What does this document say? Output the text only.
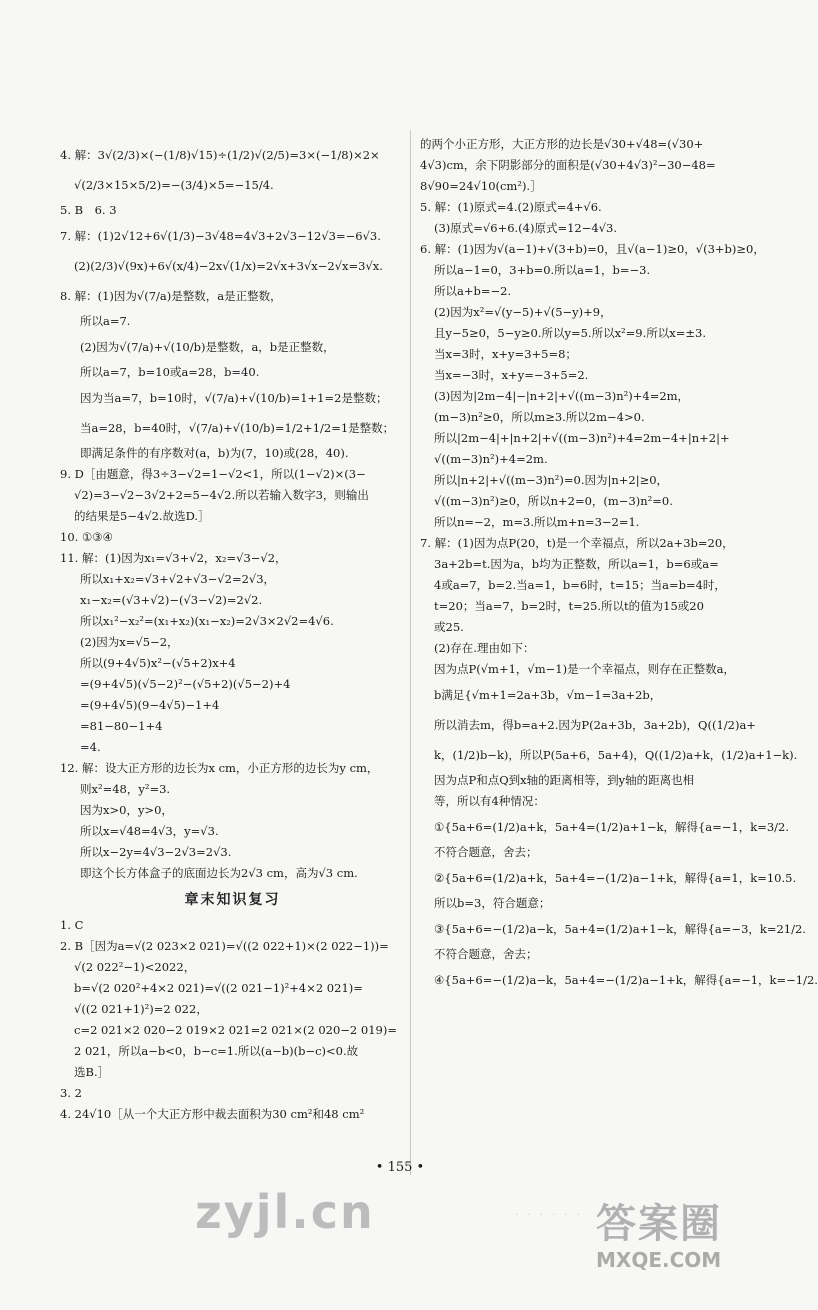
4. 解：3√(2/3)×(−(1/8)√15)÷(1/2)√(2/5)=3×(−1/8)×2×
√(2/3×15×5/2)=−(3/4)×5=−15/4.
5. B　6. 3
7. 解：(1)2√12+6√(1/3)−3√48=4√3+2√3−12√3=−6√3.
(2)(2/3)√(9x)+6√(x/4)−2x√(1/x)=2√x+3√x−2√x=3√x.
8. 解：(1)因为√(7/a)是整数，a是正整数，
所以a=7.
(2)因为√(7/a)+√(10/b)是整数，a，b是正整数，
所以a=7，b=10或a=28，b=40.
因为当a=7，b=10时，√(7/a)+√(10/b)=1+1=2是整数；
当a=28，b=40时，√(7/a)+√(10/b)=1/2+1/2=1是整数；
即满足条件的有序数对(a，b)为(7，10)或(28，40).
9. D［由题意，得3÷3−√2=1−√2<1，所以(1−√2)×(3−
√2)=3−√2−3√2+2=5−4√2.所以若输入数字3，则输出
的结果是5−4√2.故选D.］
10. ①③④
11. 解：(1)因为x₁=√3+√2，x₂=√3−√2，
所以x₁+x₂=√3+√2+√3−√2=2√3，
x₁−x₂=(√3+√2)−(√3−√2)=2√2.
所以x₁²−x₂²=(x₁+x₂)(x₁−x₂)=2√3×2√2=4√6.
(2)因为x=√5−2，
所以(9+4√5)x²−(√5+2)x+4
=(9+4√5)(√5−2)²−(√5+2)(√5−2)+4
=(9+4√5)(9−4√5)−1+4
=81−80−1+4
=4.
12. 解：设大正方形的边长为x cm，小正方形的边长为y cm，
则x²=48，y²=3.
因为x>0，y>0，
所以x=√48=4√3，y=√3.
所以x−2y=4√3−2√3=2√3.
即这个长方体盒子的底面边长为2√3 cm，高为√3 cm.
章末知识复习
1. C
2. B［因为a=√(2 023×2 021)=√((2 022+1)×(2 022−1))=
√(2 022²−1)<2022，
b=√(2 020²+4×2 021)=√((2 021−1)²+4×2 021)=
√((2 021+1)²)=2 022，
c=2 021×2 020−2 019×2 021=2 021×(2 020−2 019)=
2 021，所以a−b<0，b−c=1.所以(a−b)(b−c)<0.故
选B.］
3. 2
4. 24√10［从一个大正方形中裁去面积为30 cm²和48 cm²
的两个小正方形，大正方形的边长是√30+√48=(√30+
4√3)cm，余下阴影部分的面积是(√30+4√3)²−30−48=
8√90=24√10(cm²).］
5. 解：(1)原式=4.(2)原式=4+√6.
(3)原式=√6+6.(4)原式=12−4√3.
6. 解：(1)因为√(a−1)+√(3+b)=0，且√(a−1)≥0，√(3+b)≥0，
所以a−1=0，3+b=0.所以a=1，b=−3.
所以a+b=−2.
(2)因为x²=√(y−5)+√(5−y)+9，
且y−5≥0，5−y≥0.所以y=5.所以x²=9.所以x=±3.
当x=3时，x+y=3+5=8；
当x=−3时，x+y=−3+5=2.
(3)因为|2m−4|−|n+2|+√((m−3)n²)+4=2m，
(m−3)n²≥0，所以m≥3.所以2m−4>0.
所以|2m−4|+|n+2|+√((m−3)n²)+4=2m−4+|n+2|+
√((m−3)n²)+4=2m.
所以|n+2|+√((m−3)n²)=0.因为|n+2|≥0，
√((m−3)n²)≥0，所以n+2=0，(m−3)n²=0.
所以n=−2，m=3.所以m+n=3−2=1.
7. 解：(1)因为点P(20，t)是一个幸福点，所以2a+3b=20，
3a+2b=t.因为a，b均为正整数，所以a=1，b=6或a=
4或a=7，b=2.当a=1，b=6时，t=15；当a=b=4时，
t=20；当a=7，b=2时，t=25.所以t的值为15或20
或25.
(2)存在.理由如下：
因为点P(√m+1，√m−1)是一个幸福点，则存在正整数a，
b满足{√m+1=2a+3b，√m−1=3a+2b，
所以消去m，得b=a+2.因为P(2a+3b，3a+2b)，Q((1/2)a+
k，(1/2)b−k)，所以P(5a+6，5a+4)，Q((1/2)a+k，(1/2)a+1−k).
因为点P和点Q到x轴的距离相等，到y轴的距离也相
等，所以有4种情况：
①{5a+6=(1/2)a+k，5a+4=(1/2)a+1−k，解得{a=−1，k=3/2.
不符合题意，舍去；
②{5a+6=(1/2)a+k，5a+4=−(1/2)a−1+k，解得{a=1，k=10.5.
所以b=3，符合题意；
③{5a+6=−(1/2)a−k，5a+4=(1/2)a+1−k，解得{a=−3，k=21/2.
不符合题意，舍去；
④{5a+6=−(1/2)a−k，5a+4=−(1/2)a−1+k，解得{a=−1，k=−1/2.
• 155 •
zyjl.cn	· · · · · · 答案圈
MXQE.COM
